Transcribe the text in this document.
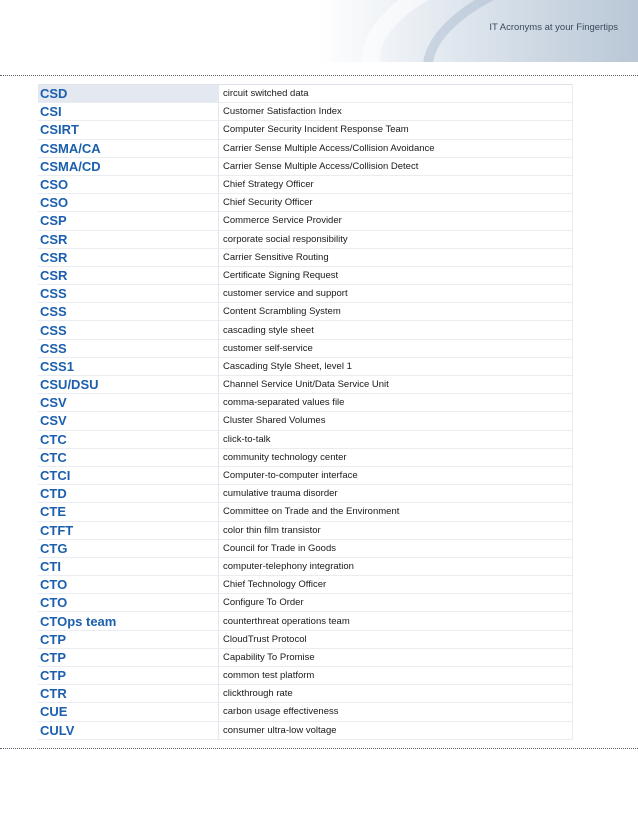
IT Acronyms at your Fingertips
CSD	circuit switched data
CSI	Customer Satisfaction Index
CSIRT	Computer Security Incident Response Team
CSMA/CA	Carrier Sense Multiple Access/Collision Avoidance
CSMA/CD	Carrier Sense Multiple Access/Collision Detect
CSO	Chief Strategy Officer
CSO	Chief Security Officer
CSP	Commerce Service Provider
CSR	corporate social responsibility
CSR	Carrier Sensitive Routing
CSR	Certificate Signing Request
CSS	customer service and support
CSS	Content Scrambling System
CSS	cascading style sheet
CSS	customer self-service
CSS1	Cascading Style Sheet, level 1
CSU/DSU	Channel Service Unit/Data Service Unit
CSV	comma-separated values file
CSV	Cluster Shared Volumes
CTC	click-to-talk
CTC	community technology center
CTCI	Computer-to-computer interface
CTD	cumulative trauma disorder
CTE	Committee on Trade and the Environment
CTFT	color thin film transistor
CTG	Council for Trade in Goods
CTI	computer-telephony integration
CTO	Chief Technology Officer
CTO	Configure To Order
CTOps team	counterthreat operations team
CTP	CloudTrust Protocol
CTP	Capability To Promise
CTP	common test platform
CTR	clickthrough rate
CUE	carbon usage effectiveness
CULV	consumer ultra-low voltage
